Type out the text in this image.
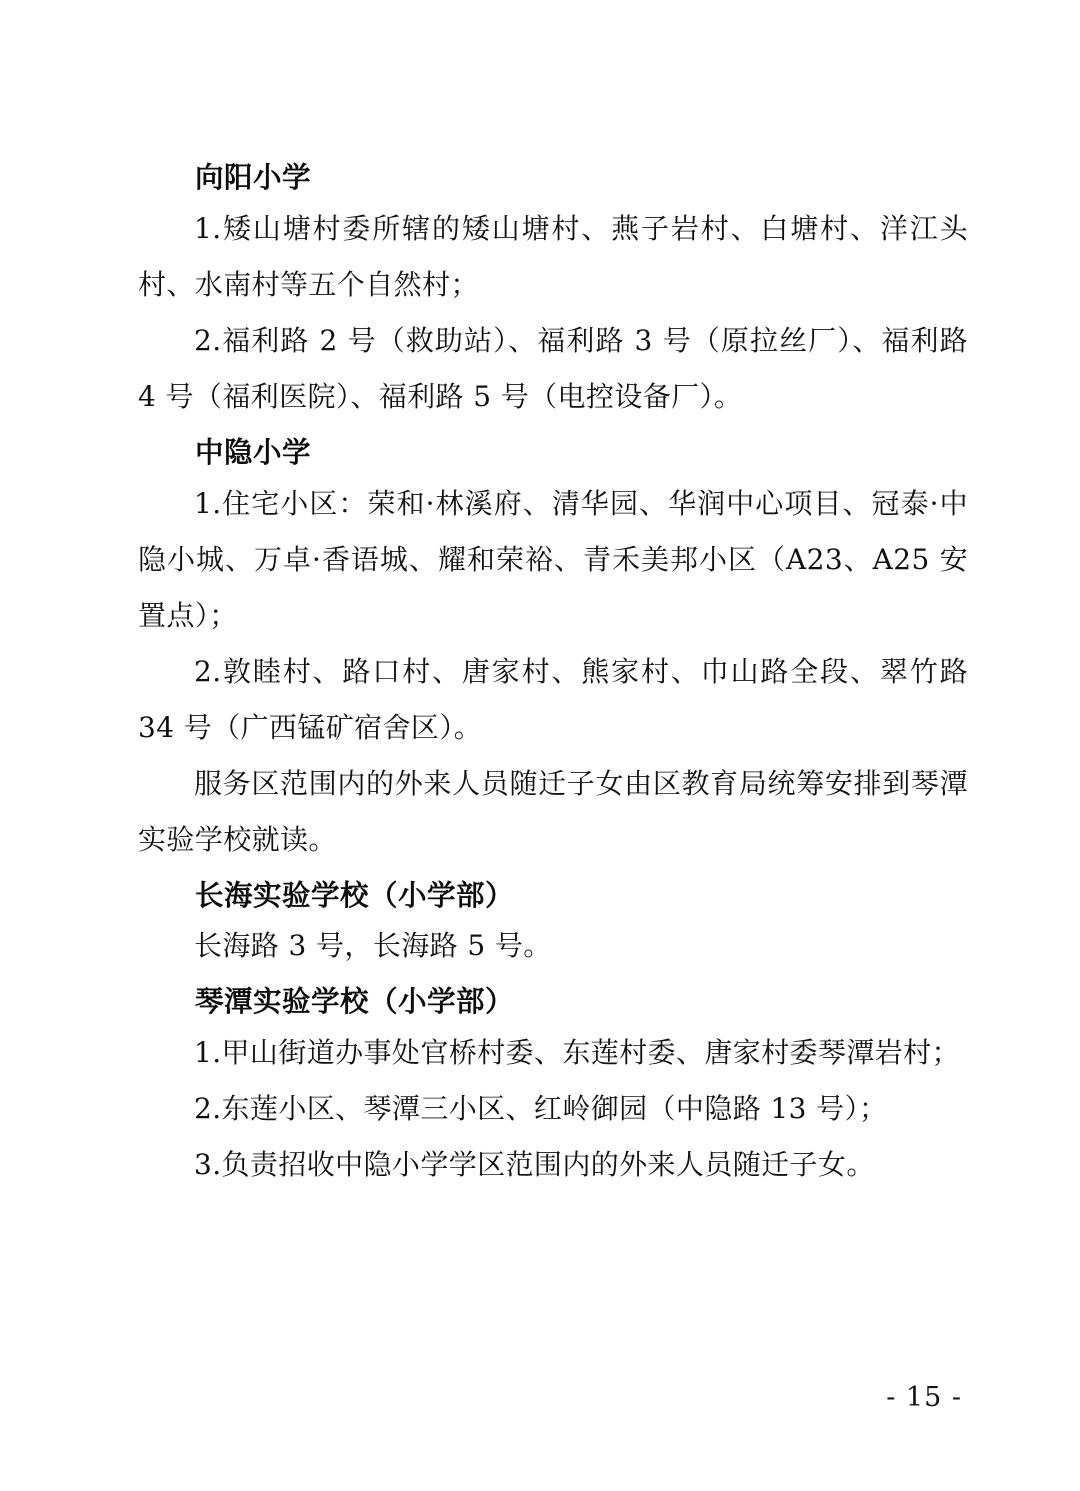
向阳小学

1.矮山塘村委所辖的矮山塘村、燕子岩村、白塘村、洋江头村、水南村等五个自然村；

2.福利路 2 号（救助站）、福利路 3 号（原拉丝厂）、福利路 4 号（福利医院）、福利路 5 号（电控设备厂）。

中隐小学

1.住宅小区：荣和·林溪府、清华园、华润中心项目、冠泰·中隐小城、万卓·香语城、耀和荣裕、青禾美邦小区（A23、A25 安置点）；

2.敦睦村、路口村、唐家村、熊家村、巾山路全段、翠竹路 34 号（广西锰矿宿舍区）。

服务区范围内的外来人员随迁子女由区教育局统筹安排到琴潭实验学校就读。

长海实验学校（小学部）

长海路 3 号，长海路 5 号。

琴潭实验学校（小学部）

1.甲山街道办事处官桥村委、东莲村委、唐家村委琴潭岩村；

2.东莲小区、琴潭三小区、红岭御园（中隐路 13 号）；

3.负责招收中隐小学学区范围内的外来人员随迁子女。

- 15 -
